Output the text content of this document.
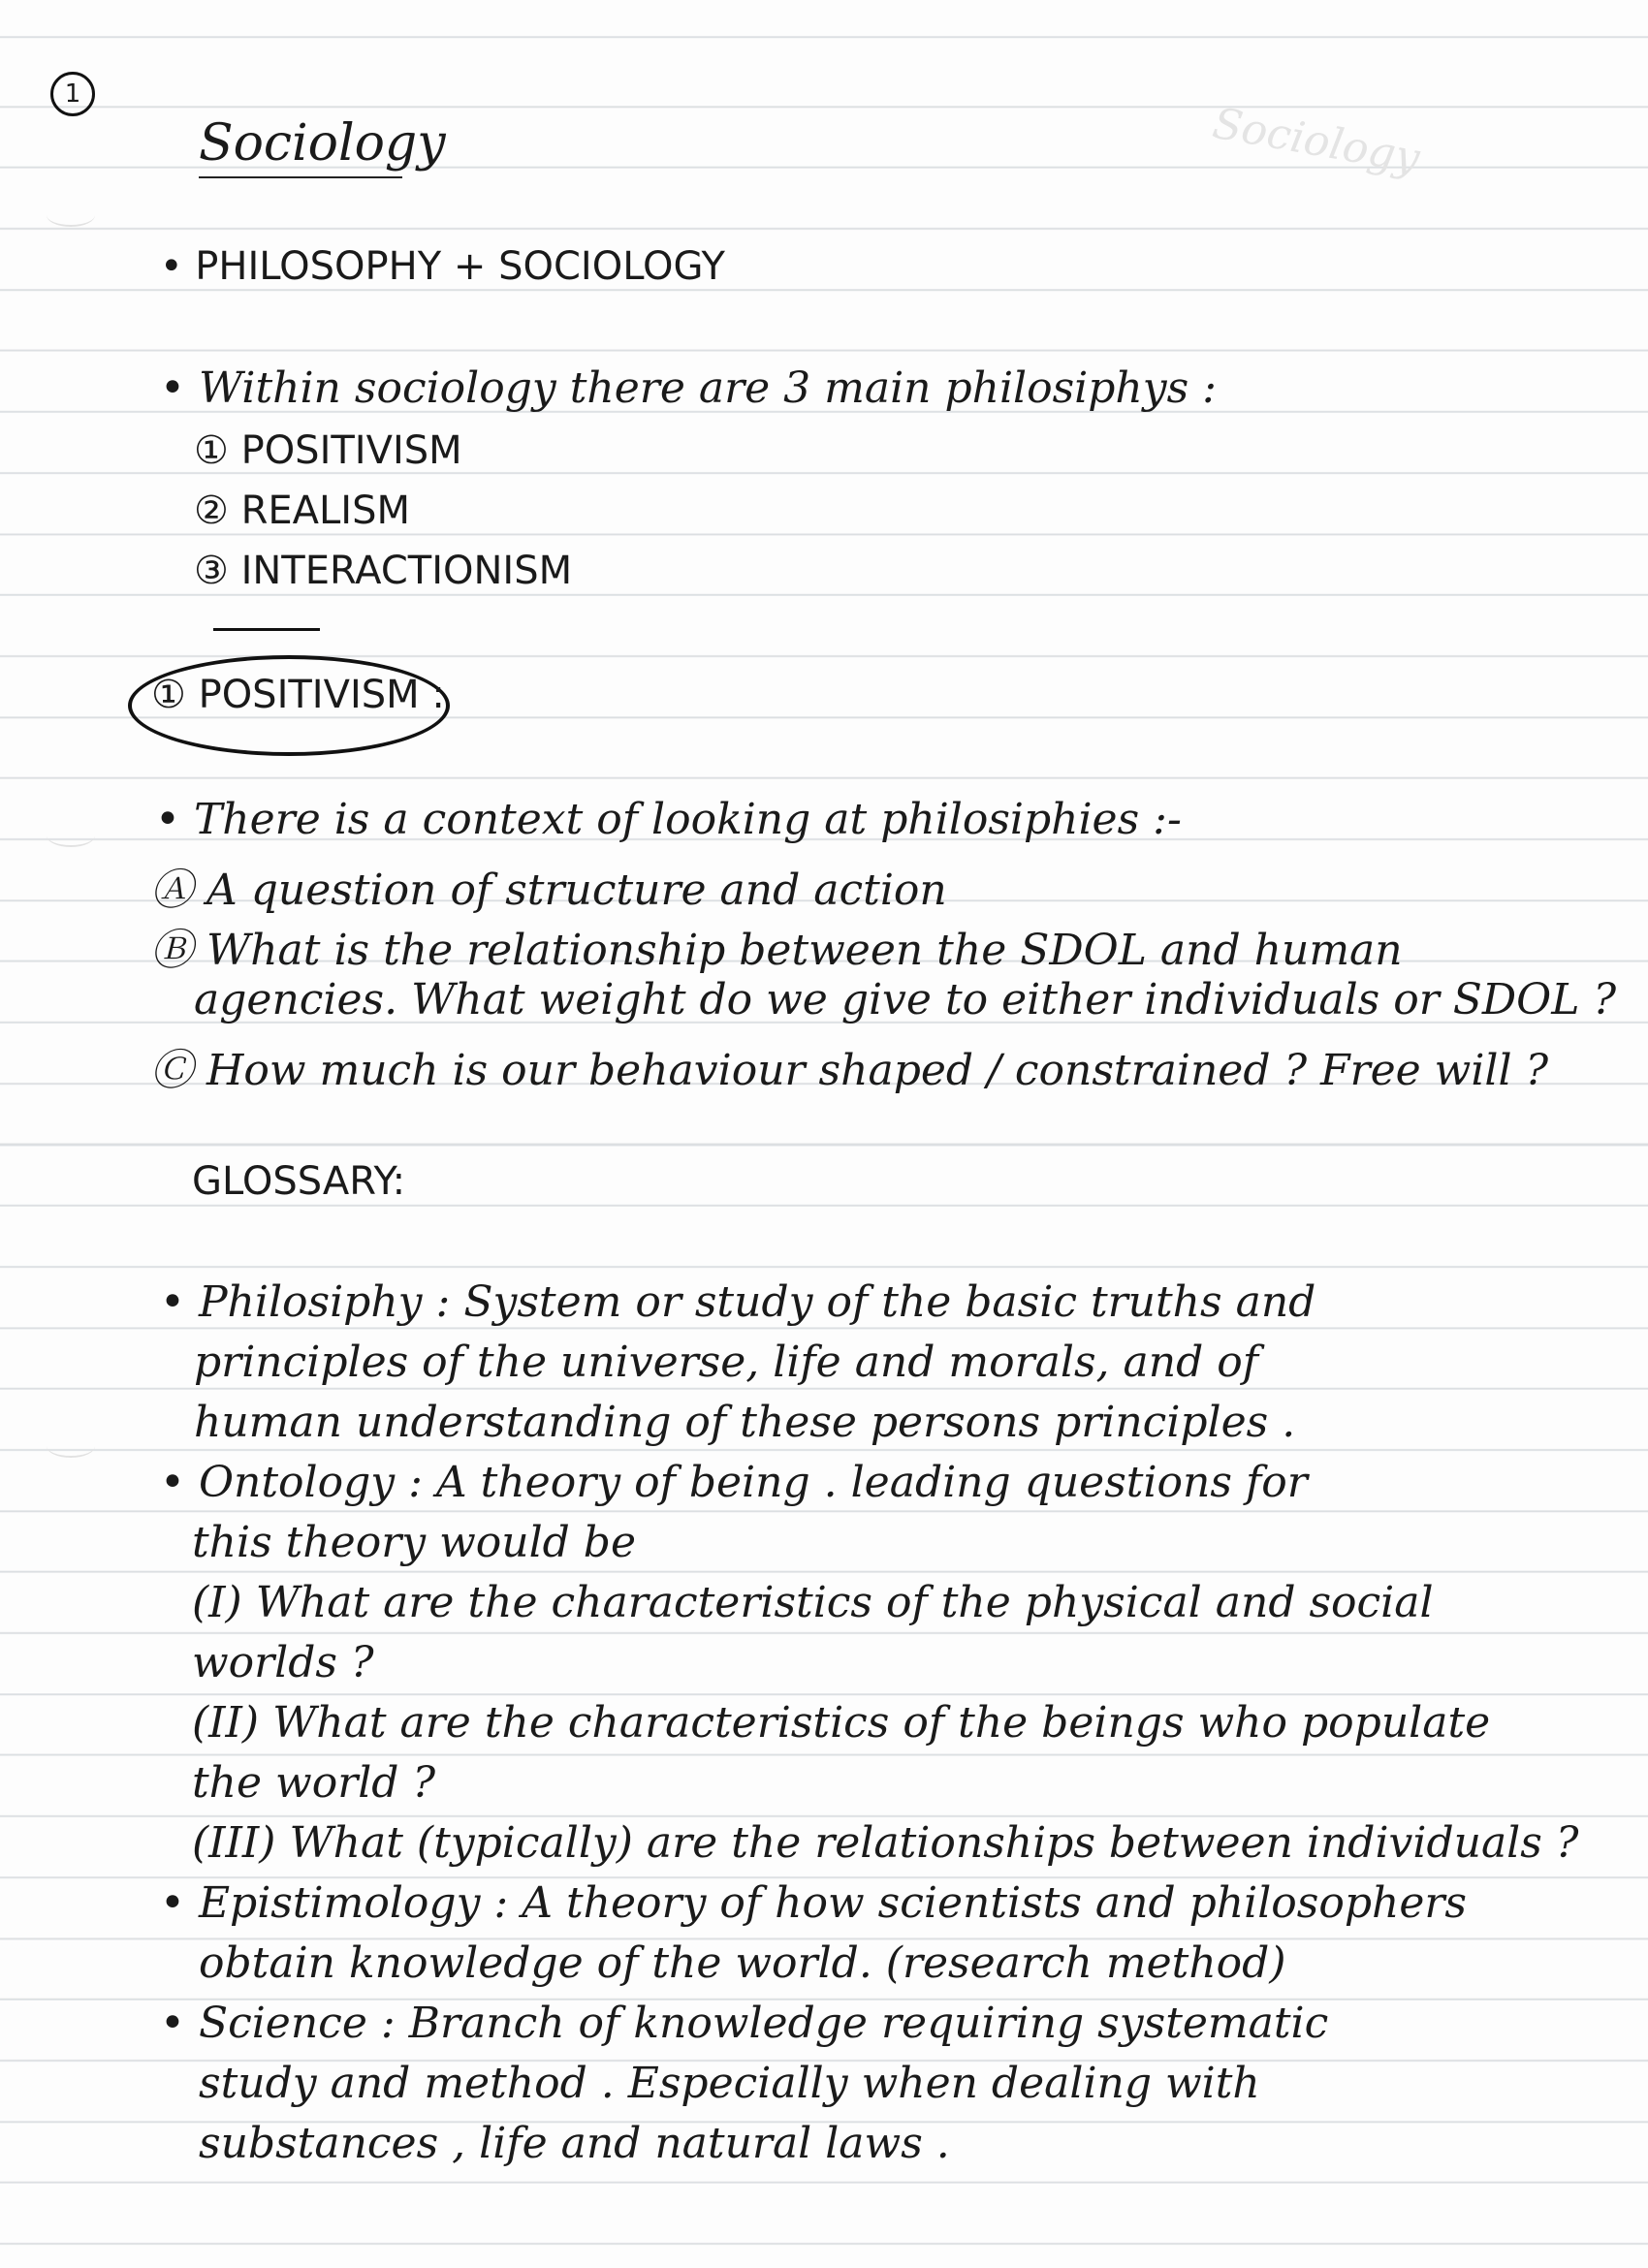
1
Sociology
Sociology
• PHILOSOPHY + SOCIOLOGY
• Within sociology there are 3 main philosiphys :
① POSITIVISM
② REALISM
③ INTERACTIONISM
① POSITIVISM :
• There is a context of looking at philosiphies :-
Ⓐ A question of structure and action
Ⓑ What is the relationship between the SDOL and human
agencies. What weight do we give to either individuals or SDOL ?
Ⓒ How much is our behaviour shaped / constrained ? Free will ?
GLOSSARY:
• Philosiphy : System or study of the basic truths and
principles of the universe, life and morals, and of
human understanding of these persons principles .
• Ontology : A theory of being . leading questions for
this theory would be
(I) What are the characteristics of the physical and social
worlds ?
(II) What are the characteristics of the beings who populate
the world ?
(III) What (typically) are the relationships between individuals ?
• Epistimology : A theory of how scientists and philosophers
obtain knowledge of the world. (research method)
• Science : Branch of knowledge requiring systematic
study and method . Especially when dealing with
substances , life and natural laws .
